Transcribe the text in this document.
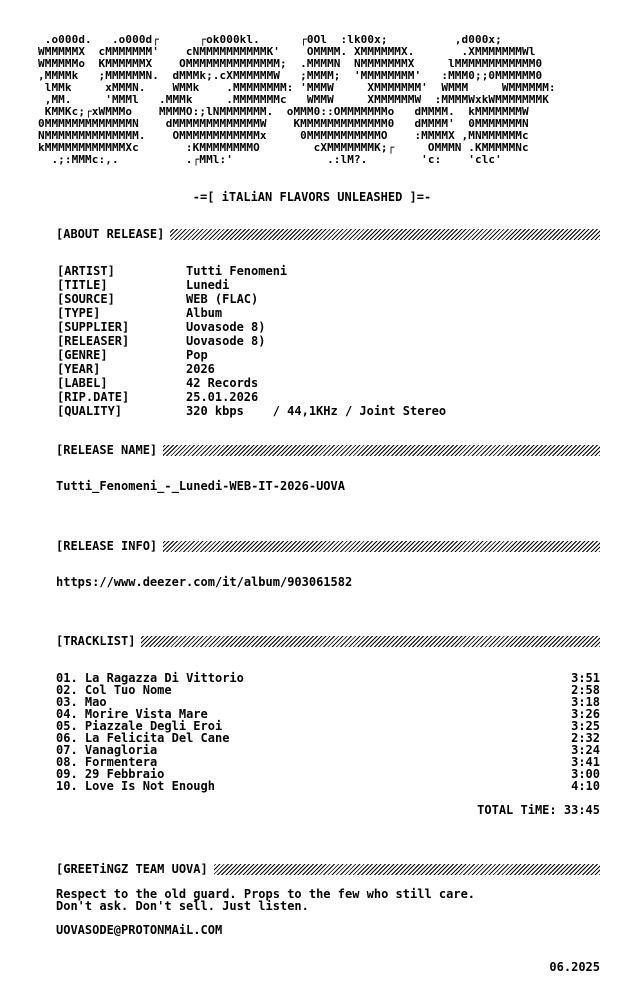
.o000d.   .o000d┌      ┌ok000kl.      ┌0Ol  :lk00x;          ,d000x;
WMMMMMX  cMMMMMMM'    cNMMMMMMMMMMK'    OMMMM. XMMMMMMX.       .XMMMMMMMWl
WMMMMMo  KMMMMMMX    OMMMMMMMMMMMMMM;  .MMMMN  NMMMMMMMX     lMMMMMMMMMMMM0
,MMMMk   ;MMMMMMN.  dMMMk;.cXMMMMMMW   ;MMMM;  'MMMMMMMM'   :MMM0;;0MMMMMM0
lMMk     xMMMN.    WMMk    .MMMMMMMM: 'MMMW     XMMMMMMM'  WMMM     WMMMMMM:
,MM.     'MMMl   .MMMk     .MMMMMMMc   WMMW     XMMMMMMW  :MMMMWxkWMMMMMMMK
KMMKc;┌xWMMMo    MMMMO:;lNMMMMMMM.  oMMM0::OMMMMMMMo   dMMMM.  kMMMMMMMW
0MMMMMMMMMMMMMN    dMMMMMMMMMMMMMW    KMMMMMMMMMMMMM0   dMMMM'  0MMMMMMMN
NMMMMMMMMMMMMMM.    OMMMMMMMMMMMMx     0MMMMMMMMMMMO    :MMMMX ,MNMMMMMMc
kMMMMMMMMMMMMXc       :KMMMMMMMMO        cXMMMMMMMK;┌     OMMMN .KMMMMMNc
.;:MMMc:,.          .┌MMl:'              .:lM?.        'c:    'clc'
-=[ iTALiAN FLAVORS UNLEASHED ]=-
[ABOUT RELEASE]
[ARTIST]	Tutti Fenomeni
[TITLE]	Lunedi
[SOURCE]	WEB (FLAC)
[TYPE]	Album
[SUPPLIER]	Uovasode 8)
[RELEASER]	Uovasode 8)
[GENRE]	Pop
[YEAR]	2026
[LABEL]	42 Records
[RIP.DATE]	25.01.2026
[QUALITY]	320 kbps    / 44,1KHz / Joint Stereo
[RELEASE NAME]
Tutti_Fenomeni_-_Lunedi-WEB-IT-2026-UOVA
[RELEASE INFO]
https://www.deezer.com/it/album/903061582
[TRACKLIST]
01. La Ragazza Di Vittorio	3:51
02. Col Tuo Nome	2:58
03. Mao	3:18
04. Morire Vista Mare	3:26
05. Piazzale Degli Eroi	3:25
06. La Felicita Del Cane	2:32
07. Vanagloria	3:24
08. Formentera	3:41
09. 29 Febbraio	3:00
10. Love Is Not Enough	4:10
TOTAL TiME: 33:45
[GREETiNGZ TEAM UOVA]
Respect to the old guard. Props to the few who still care.
Don't ask. Don't sell. Just listen.
UOVASODE@PROTONMAiL.COM
06.2025
